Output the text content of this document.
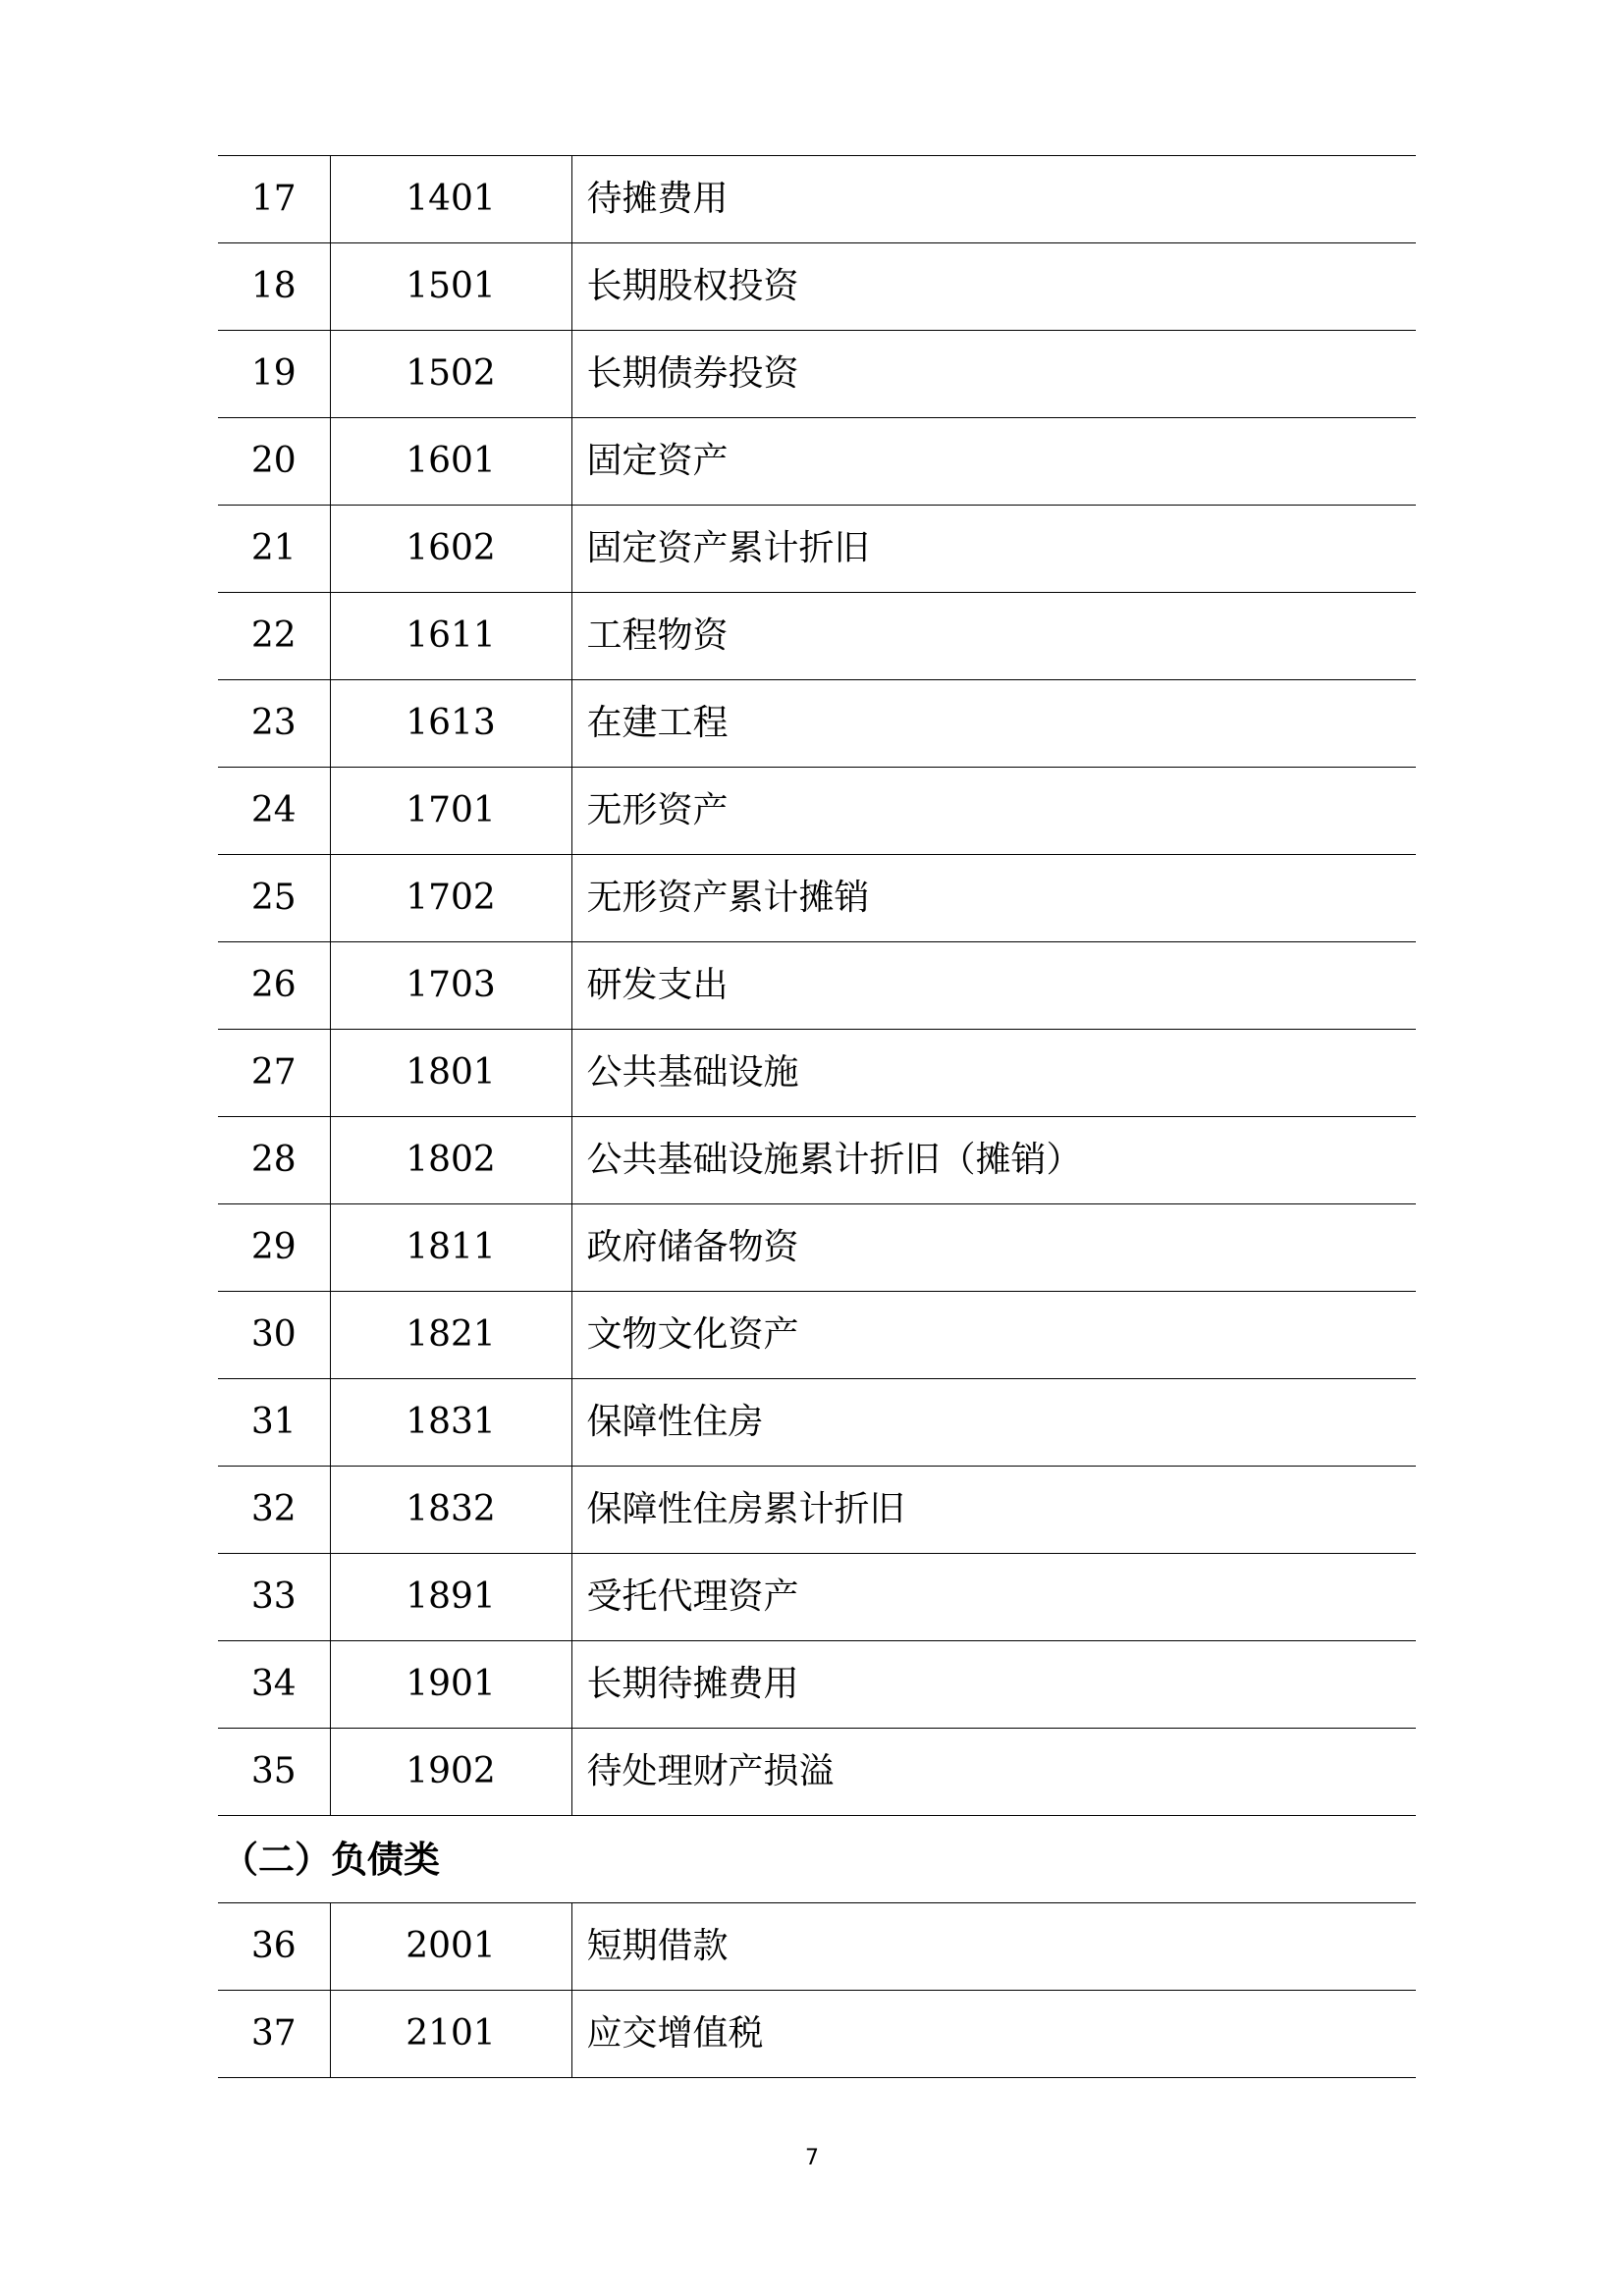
17	1401	待摊费用
18	1501	长期股权投资
19	1502	长期债券投资
20	1601	固定资产
21	1602	固定资产累计折旧
22	1611	工程物资
23	1613	在建工程
24	1701	无形资产
25	1702	无形资产累计摊销
26	1703	研发支出
27	1801	公共基础设施
28	1802	公共基础设施累计折旧（摊销）
29	1811	政府储备物资
30	1821	文物文化资产
31	1831	保障性住房
32	1832	保障性住房累计折旧
33	1891	受托代理资产
34	1901	长期待摊费用
35	1902	待处理财产损溢
（二）负债类		
36	2001	短期借款
37	2101	应交增值税
7
